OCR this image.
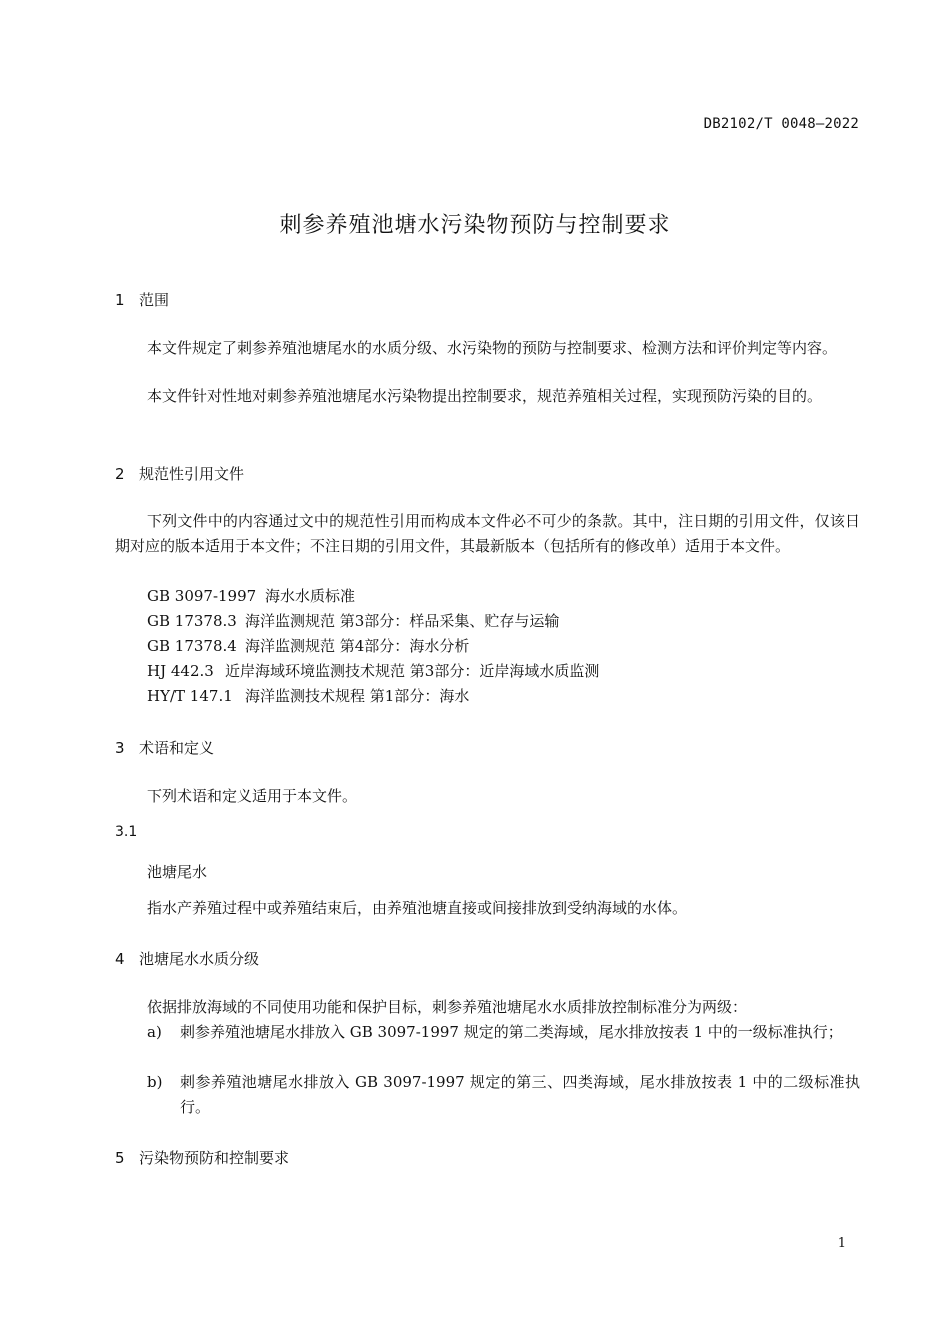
DB2102/T 0048—2022
刺参养殖池塘水污染物预防与控制要求
1 范围
本文件规定了刺参养殖池塘尾水的水质分级、水污染物的预防与控制要求、检测方法和评价判定等内容。
本文件针对性地对刺参养殖池塘尾水污染物提出控制要求，规范养殖相关过程，实现预防污染的目的。
2 规范性引用文件
下列文件中的内容通过文中的规范性引用而构成本文件必不可少的条款。其中，注日期的引用文件，仅该日期对应的版本适用于本文件；不注日期的引用文件，其最新版本（包括所有的修改单）适用于本文件。
GB 3097-1997 海水水质标准
GB 17378.3 海洋监测规范 第3部分：样品采集、贮存与运输
GB 17378.4 海洋监测规范 第4部分：海水分析
HJ 442.3 近岸海域环境监测技术规范 第3部分：近岸海域水质监测
HY/T 147.1 海洋监测技术规程 第1部分：海水
3 术语和定义
下列术语和定义适用于本文件。
3.1
池塘尾水
指水产养殖过程中或养殖结束后，由养殖池塘直接或间接排放到受纳海域的水体。
4 池塘尾水水质分级
依据排放海域的不同使用功能和保护目标，刺参养殖池塘尾水水质排放控制标准分为两级：
a)	刺参养殖池塘尾水排放入 GB 3097-1997 规定的第二类海域，尾水排放按表 1 中的一级标准执行；
b)	刺参养殖池塘尾水排放入 GB 3097-1997 规定的第三、四类海域，尾水排放按表 1 中的二级标准执行。
5 污染物预防和控制要求
1
